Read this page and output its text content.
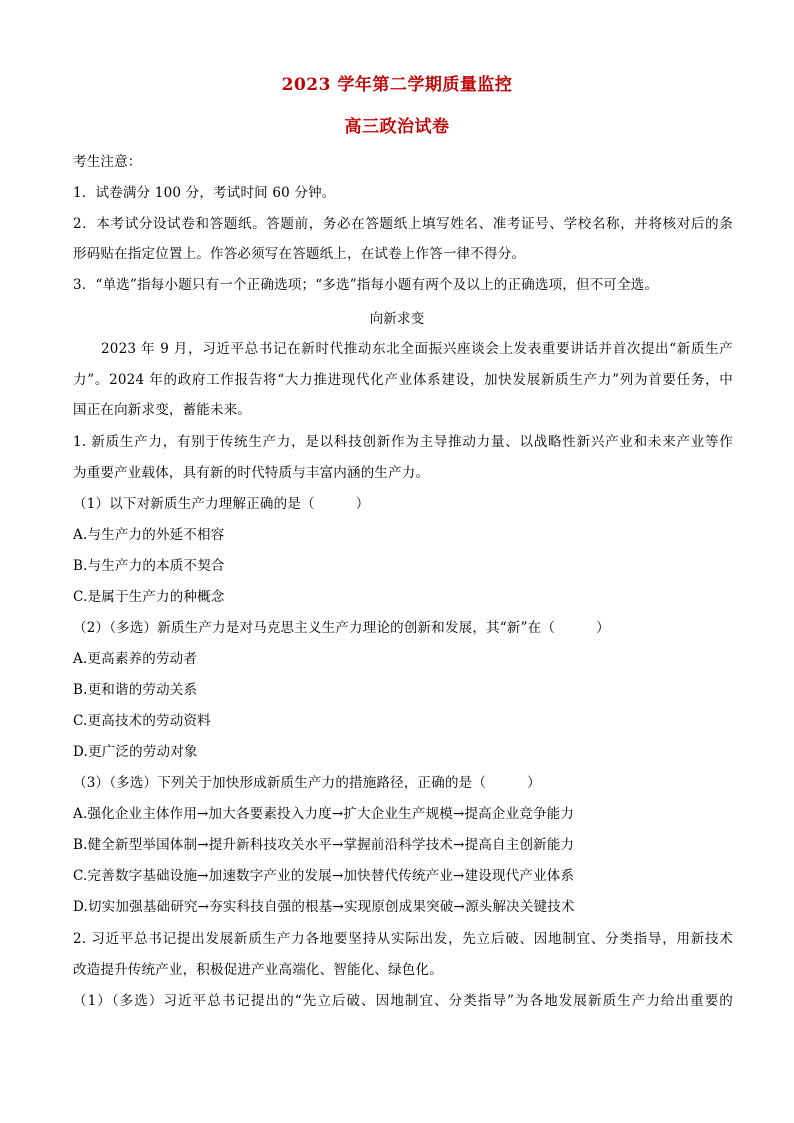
2023 学年第二学期质量监控
高三政治试卷
考生注意：
1．试卷满分 100 分，考试时间 60 分钟。
2．本考试分设试卷和答题纸。答题前，务必在答题纸上填写姓名、准考证号、学校名称，并将核对后的条
形码贴在指定位置上。作答必须写在答题纸上，在试卷上作答一律不得分。
3．“单选”指每小题只有一个正确选项；“多选”指每小题有两个及以上的正确选项，但不可全选。
向新求变
2023 年 9 月，习近平总书记在新时代推动东北全面振兴座谈会上发表重要讲话并首次提出“新质生产
力”。2024 年的政府工作报告将“大力推进现代化产业体系建设，加快发展新质生产力”列为首要任务，中
国正在向新求变，蓄能未来。
1. 新质生产力，有别于传统生产力，是以科技创新作为主导推动力量、以战略性新兴产业和未来产业等作
为重要产业载体，具有新的时代特质与丰富内涵的生产力。
（1）以下对新质生产力理解正确的是（　　　）
A.与生产力的外延不相容
B.与生产力的本质不契合
C.是属于生产力的种概念
（2）（多选）新质生产力是对马克思主义生产力理论的创新和发展，其“新”在（　　　）
A.更高素养的劳动者
B.更和谐的劳动关系
C.更高技术的劳动资料
D.更广泛的劳动对象
（3）（多选）下列关于加快形成新质生产力的措施路径，正确的是（　　　）
A.强化企业主体作用→加大各要素投入力度→扩大企业生产规模→提高企业竞争能力
B.健全新型举国体制→提升新科技攻关水平→掌握前沿科学技术→提高自主创新能力
C.完善数字基础设施→加速数字产业的发展→加快替代传统产业→建设现代产业体系
D.切实加强基础研究→夯实科技自强的根基→实现原创成果突破→源头解决关键技术
2. 习近平总书记提出发展新质生产力各地要坚持从实际出发，先立后破、因地制宜、分类指导，用新技术
改造提升传统产业，积极促进产业高端化、智能化、绿色化。
（1）（多选）习近平总书记提出的“先立后破、因地制宜、分类指导”为各地发展新质生产力给出重要的
